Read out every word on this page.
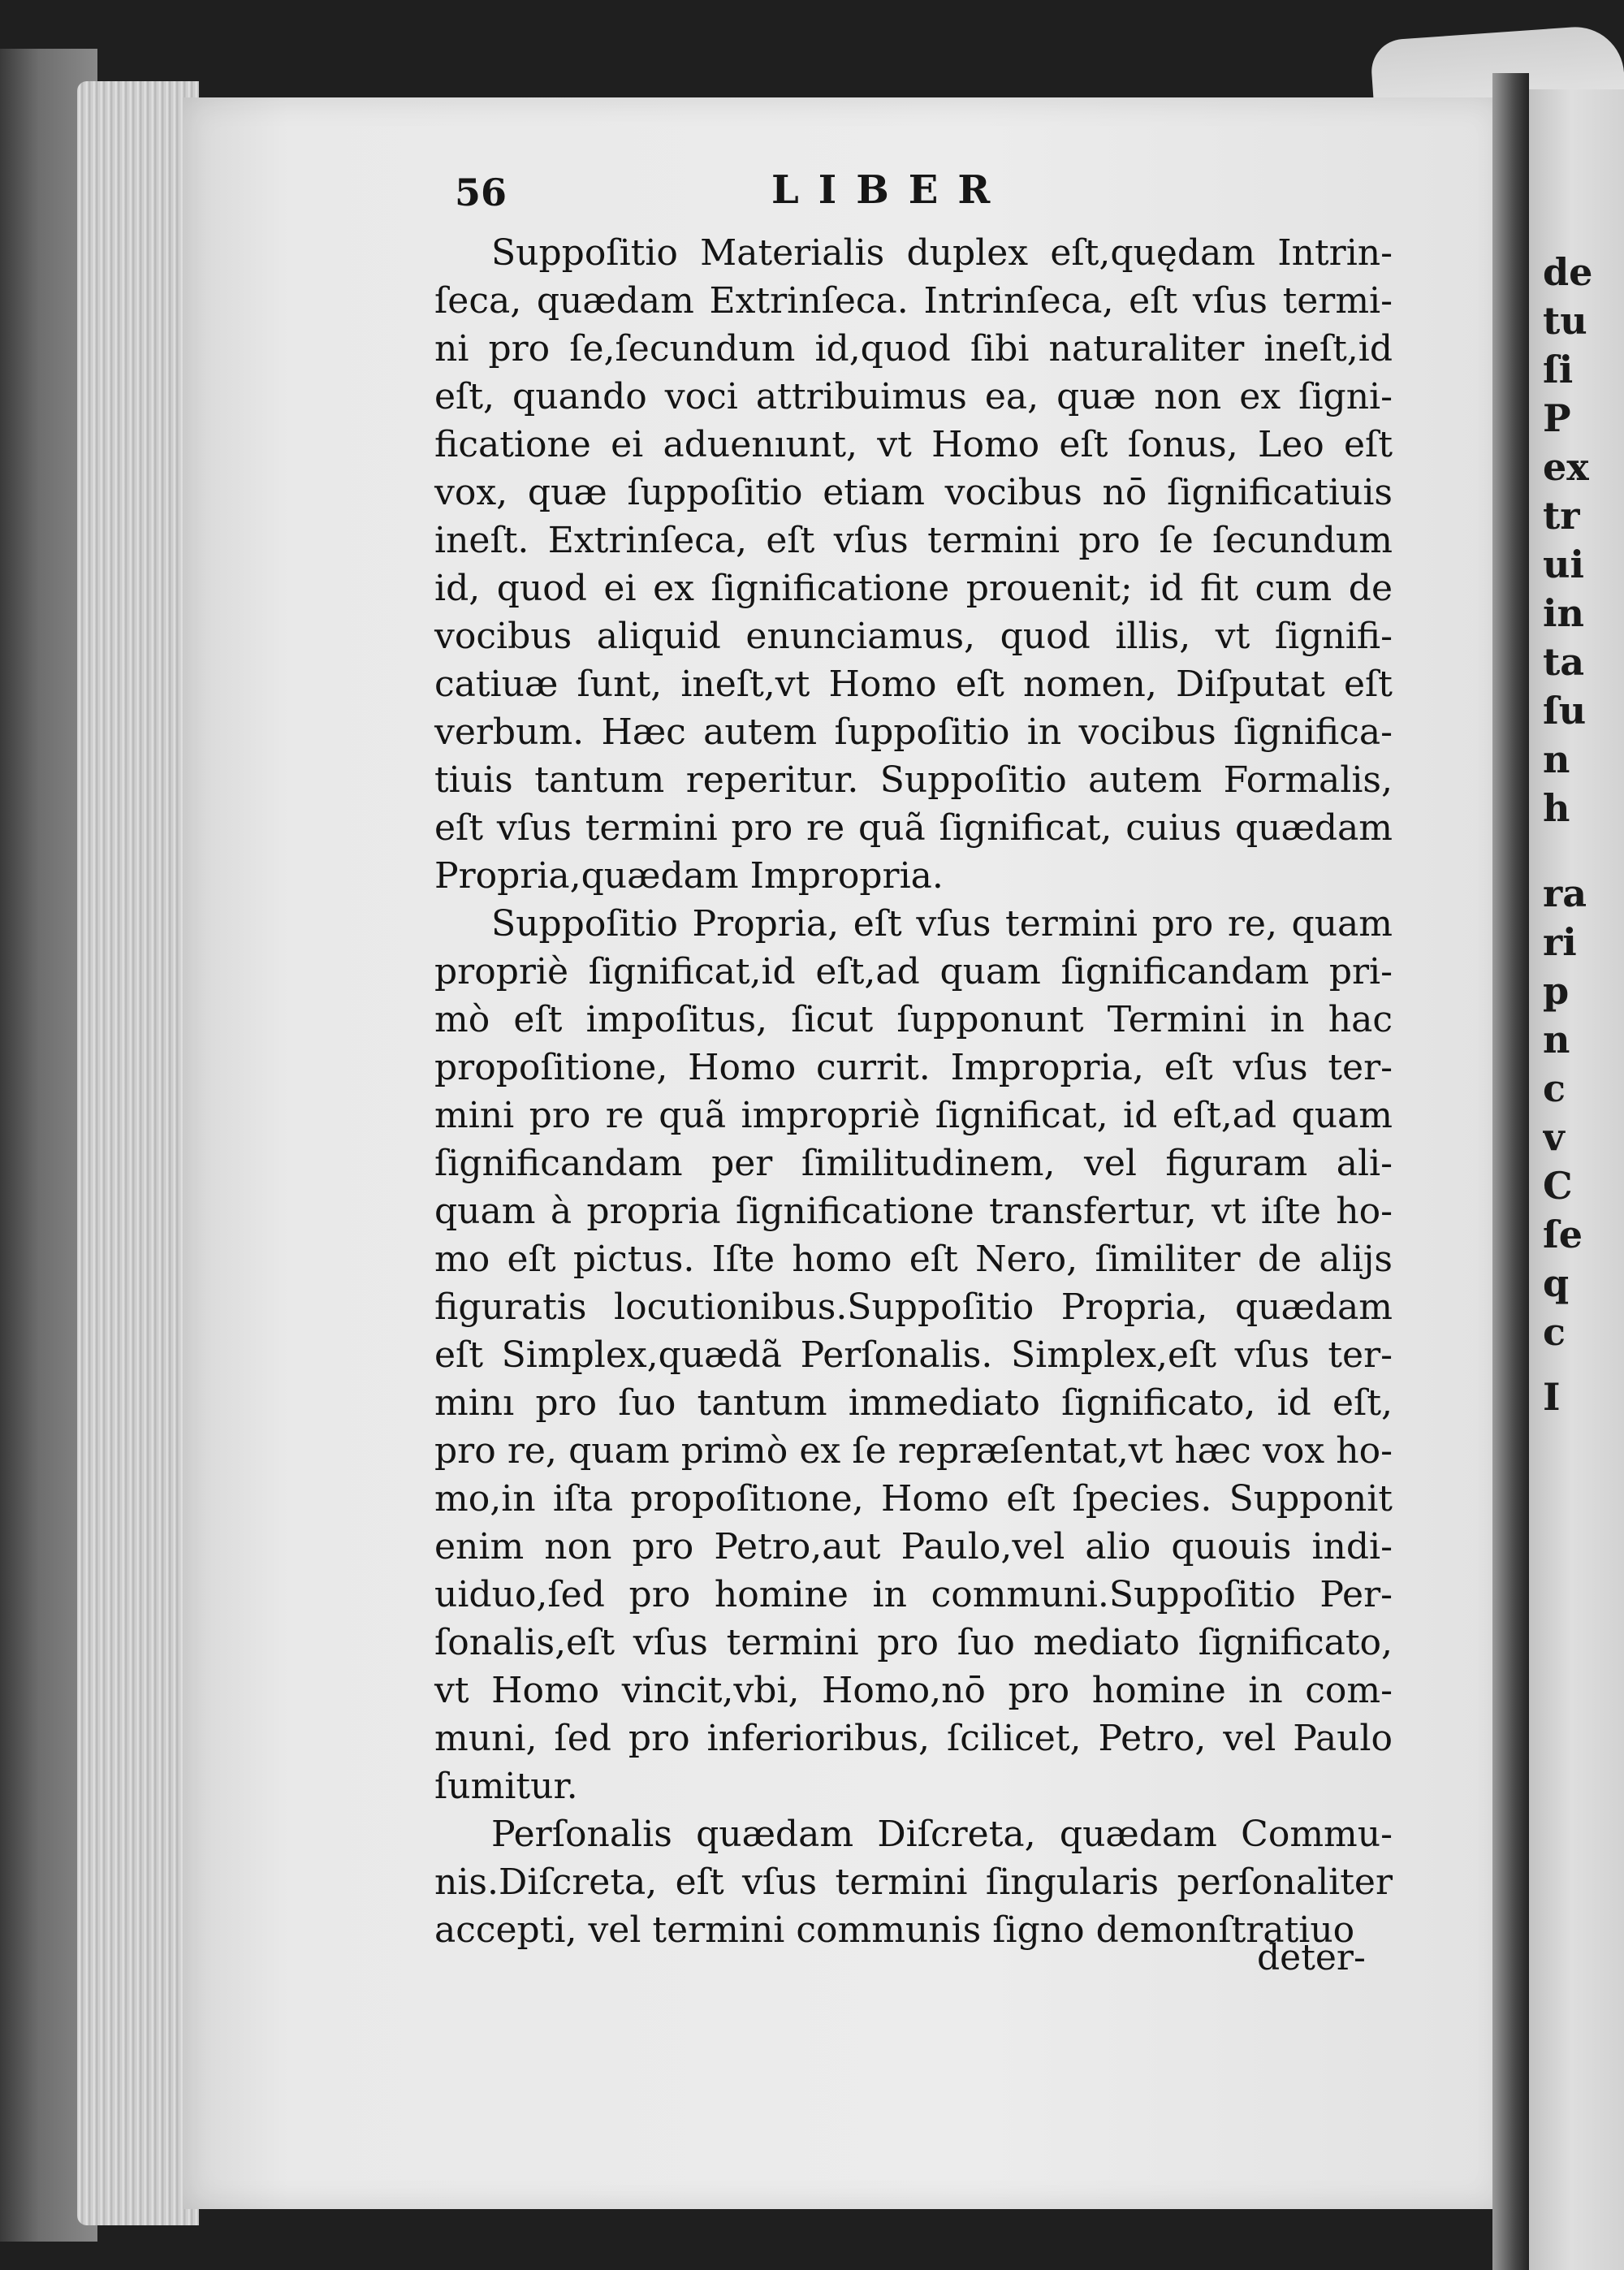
de
tu
ſi
P
ex
tr
ui
in
ta
ſu
n
h
ra
ri
p
n
c
v
C
ſe
q
c
I
56	LIBER

Suppoſitio Materialis duplex eſt,quędam Intrin-ſeca, quædam Extrinſeca. Intrinſeca, eſt vſus termi-ni pro ſe,ſecundum id,quod ſibi naturaliter ineſt,id eſt, quando voci attribuimus ea, quæ non ex ſigni-ficatione ei aduenıunt, vt Homo eſt ſonus, Leo eſt vox, quæ ſuppoſitio etiam vocibus nō ſignificatiuis ineſt. Extrinſeca, eſt vſus termini pro ſe ſecundum id, quod ei ex ſignificatione prouenit; id fit cum de vocibus aliquid enunciamus, quod illis, vt ſignifi-catiuæ ſunt, ineſt,vt Homo eſt nomen, Diſputat eſt verbum. Hæc autem ſuppoſitio in vocibus ſignifica-tiuis tantum reperitur. Suppoſitio autem Formalis, eſt vſus termini pro re quã ſignificat, cuius quædam Propria,quædam Impropria.

Suppoſitio Propria, eſt vſus termini pro re, quam propriè ſignificat,id eſt,ad quam ſignificandam pri-mò eſt impoſitus, ſicut ſupponunt Termini in hac propoſitione, Homo currit. Impropria, eſt vſus ter-mini pro re quã impropriè ſignificat, id eſt,ad quam ſignificandam per ſimilitudinem, vel figuram ali-quam à propria ſignificatione transfertur, vt iſte ho-mo eſt pictus. Iſte homo eſt Nero, ſimiliter de alijs figuratis locutionibus.Suppoſitio Propria, quædam eſt Simplex,quædã Perſonalis. Simplex,eſt vſus ter-minı pro ſuo tantum immediato ſignificato, id eſt, pro re, quam primò ex ſe repræſentat,vt hæc vox ho-mo,in iſta propoſitıone, Homo eſt ſpecies. Supponit enim non pro Petro,aut Paulo,vel alio quouis indi-uiduo,ſed pro homine in communi.Suppoſitio Per-ſonalis,eſt vſus termini pro ſuo mediato ſignificato, vt Homo vincit,vbi, Homo,nō pro homine in com-muni, ſed pro inferioribus, ſcilicet, Petro, vel Paulo ſumitur.

Perſonalis quædam Diſcreta, quædam Commu-nis.Diſcreta, eſt vſus termini ſingularis perſonaliter accepti, vel termini communis ſigno demonſtratiuo

deter-
